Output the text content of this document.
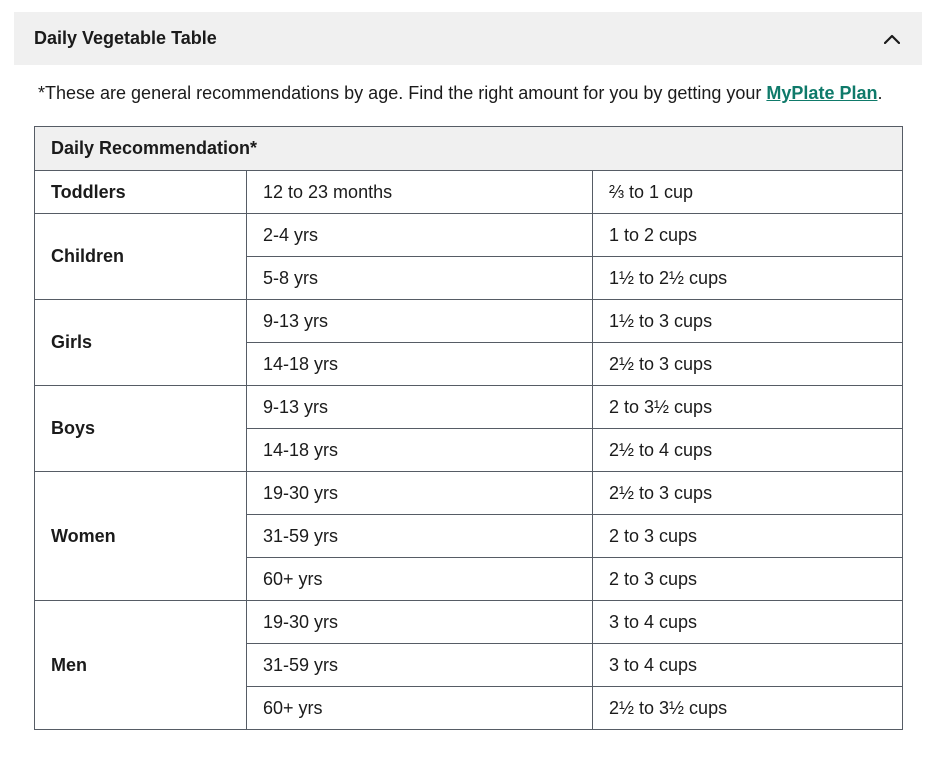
Daily Vegetable Table
*These are general recommendations by age. Find the right amount for you by getting your MyPlate Plan.
Daily Recommendation*		
Toddlers	12 to 23 months	⅔ to 1 cup
Children	2-4 yrs	1 to 2 cups
	5-8 yrs	1½ to 2½ cups
Girls	9-13 yrs	1½ to 3 cups
	14-18 yrs	2½ to 3 cups
Boys	9-13 yrs	2 to 3½ cups
	14-18 yrs	2½ to 4 cups
Women	19-30 yrs	2½ to 3 cups
	31-59 yrs	2 to 3 cups
	60+ yrs	2 to 3 cups
Men	19-30 yrs	3 to 4 cups
	31-59 yrs	3 to 4 cups
	60+ yrs	2½ to 3½ cups
